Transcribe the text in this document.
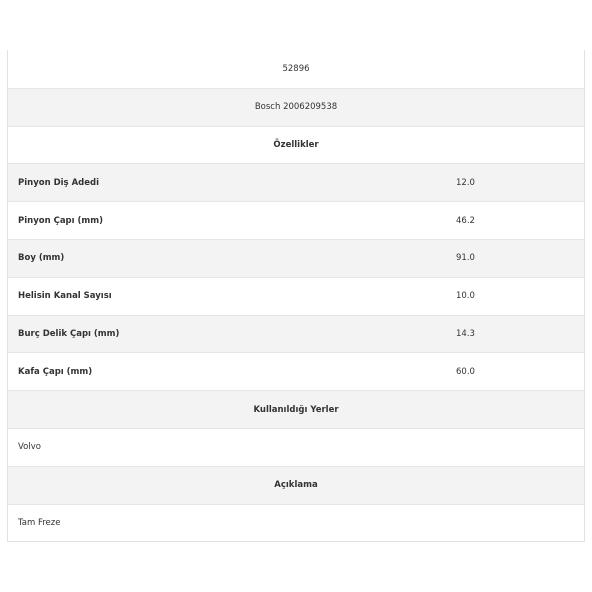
52896
Bosch 2006209538
Özellikler
Pinyon Diş Adedi	12.0
Pinyon Çapı (mm)	46.2
Boy (mm)	91.0
Helisin Kanal Sayısı	10.0
Burç Delik Çapı (mm)	14.3
Kafa Çapı (mm)	60.0
Kullanıldığı Yerler
Volvo
Açıklama
Tam Freze
